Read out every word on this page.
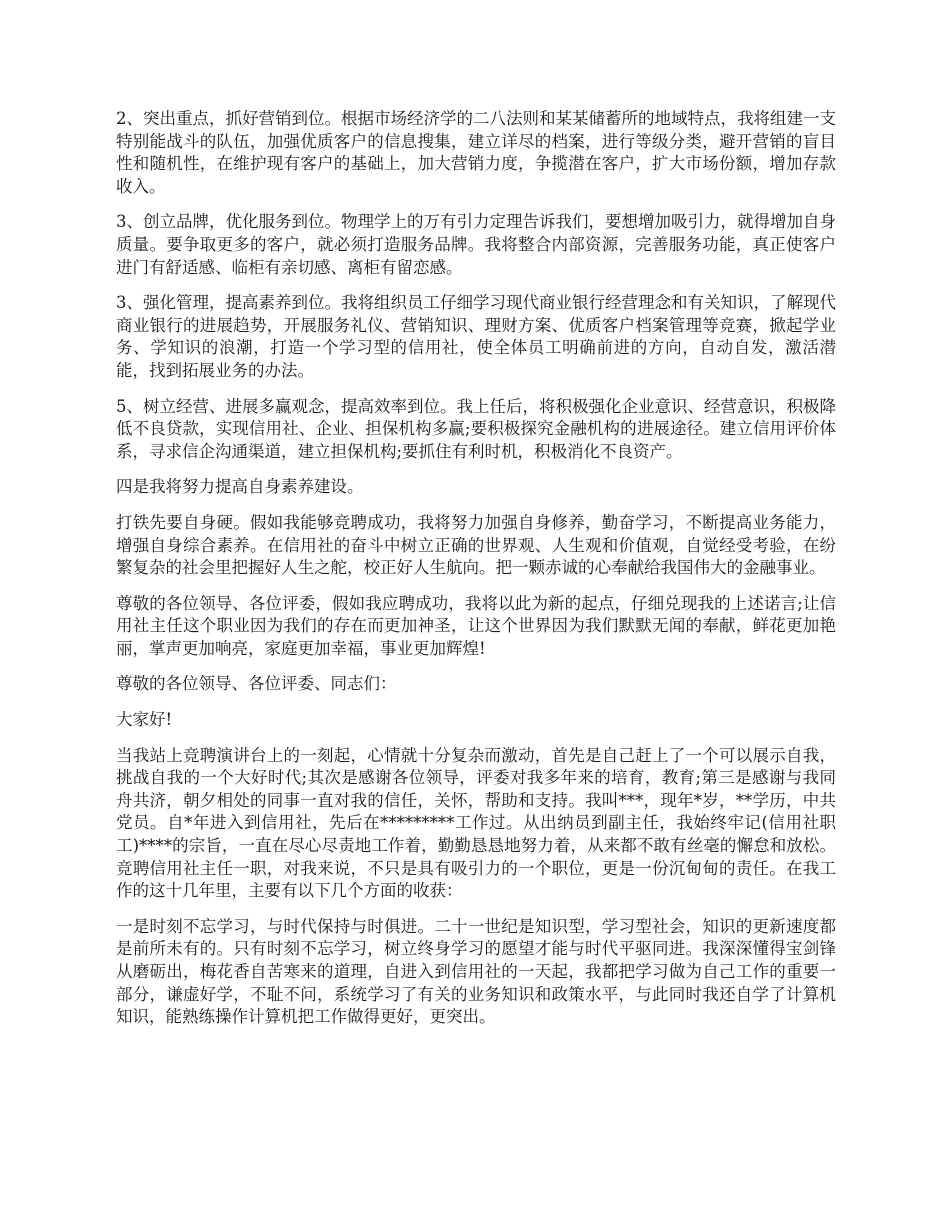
2、突出重点，抓好营销到位。根据市场经济学的二八法则和某某储蓄所的地域特点，我将组建一支特别能战斗的队伍，加强优质客户的信息搜集，建立详尽的档案，进行等级分类，避开营销的盲目性和随机性，在维护现有客户的基础上，加大营销力度，争揽潜在客户，扩大市场份额，增加存款收入。

3、创立品牌，优化服务到位。物理学上的万有引力定理告诉我们，要想增加吸引力，就得增加自身质量。要争取更多的客户，就必须打造服务品牌。我将整合内部资源，完善服务功能，真正使客户进门有舒适感、临柜有亲切感、离柜有留恋感。

3、强化管理，提高素养到位。我将组织员工仔细学习现代商业银行经营理念和有关知识，了解现代商业银行的进展趋势，开展服务礼仪、营销知识、理财方案、优质客户档案管理等竞赛，掀起学业务、学知识的浪潮，打造一个学习型的信用社，使全体员工明确前进的方向，自动自发，激活潜能，找到拓展业务的办法。

5、树立经营、进展多赢观念，提高效率到位。我上任后，将积极强化企业意识、经营意识，积极降低不良贷款，实现信用社、企业、担保机构多赢;要积极探究金融机构的进展途径。建立信用评价体系，寻求信企沟通渠道，建立担保机构;要抓住有利时机，积极消化不良资产。

四是我将努力提高自身素养建设。

打铁先要自身硬。假如我能够竞聘成功，我将努力加强自身修养，勤奋学习，不断提高业务能力，增强自身综合素养。在信用社的奋斗中树立正确的世界观、人生观和价值观，自觉经受考验，在纷繁复杂的社会里把握好人生之舵，校正好人生航向。把一颗赤诚的心奉献给我国伟大的金融事业。

尊敬的各位领导、各位评委，假如我应聘成功，我将以此为新的起点，仔细兑现我的上述诺言;让信用社主任这个职业因为我们的存在而更加神圣，让这个世界因为我们默默无闻的奉献，鲜花更加艳丽，掌声更加响亮，家庭更加幸福，事业更加辉煌!

尊敬的各位领导、各位评委、同志们：

大家好!

当我站上竞聘演讲台上的一刻起，心情就十分复杂而激动，首先是自己赶上了一个可以展示自我，挑战自我的一个大好时代;其次是感谢各位领导，评委对我多年来的培育，教育;第三是感谢与我同舟共济，朝夕相处的同事一直对我的信任，关怀，帮助和支持。我叫***，现年*岁，**学历，中共党员。自*年进入到信用社，先后在*********工作过。从出纳员到副主任，我始终牢记(信用社职工)****的宗旨，一直在尽心尽责地工作着，勤勤恳恳地努力着，从来都不敢有丝毫的懈怠和放松。竞聘信用社主任一职，对我来说，不只是具有吸引力的一个职位，更是一份沉甸甸的责任。在我工作的这十几年里，主要有以下几个方面的收获：

一是时刻不忘学习，与时代保持与时俱进。二十一世纪是知识型，学习型社会，知识的更新速度都是前所未有的。只有时刻不忘学习，树立终身学习的愿望才能与时代平驱同进。我深深懂得宝剑锋从磨砺出，梅花香自苦寒来的道理，自进入到信用社的一天起，我都把学习做为自己工作的重要一部分，谦虚好学，不耻不问，系统学习了有关的业务知识和政策水平，与此同时我还自学了计算机知识，能熟练操作计算机把工作做得更好，更突出。
